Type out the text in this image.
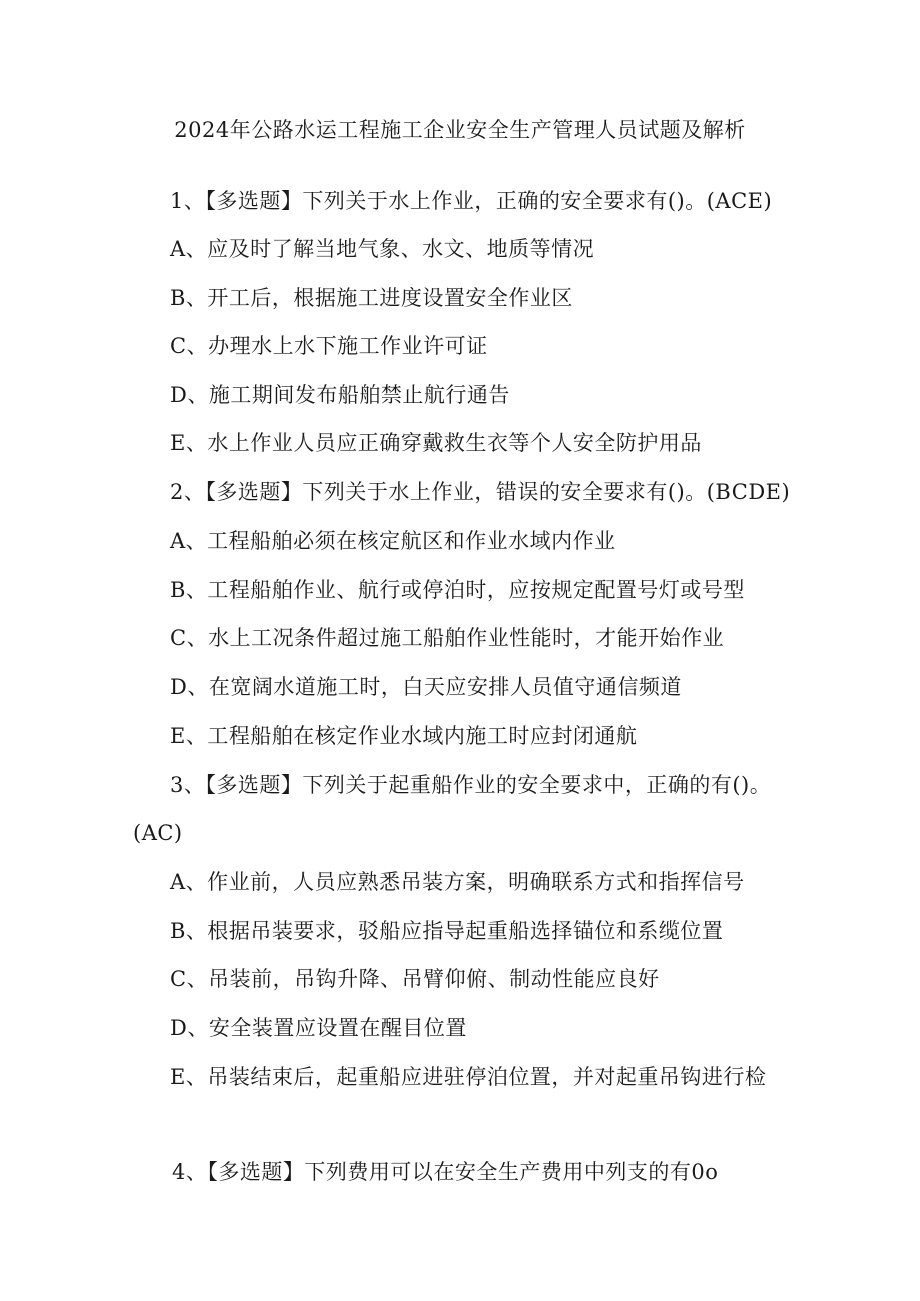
2024年公路水运工程施工企业安全生产管理人员试题及解析
1、【多选题】下列关于水上作业，正确的安全要求有()。(ACE)
A、应及时了解当地气象、水文、地质等情况
B、开工后，根据施工进度设置安全作业区
C、办理水上水下施工作业许可证
D、施工期间发布船舶禁止航行通告
E、水上作业人员应正确穿戴救生衣等个人安全防护用品
2、【多选题】下列关于水上作业，错误的安全要求有()。(BCDE)
A、工程船舶必须在核定航区和作业水域内作业
B、工程船舶作业、航行或停泊时，应按规定配置号灯或号型
C、水上工况条件超过施工船舶作业性能时，才能开始作业
D、在宽阔水道施工时，白天应安排人员值守通信频道
E、工程船舶在核定作业水域内施工时应封闭通航
3、【多选题】下列关于起重船作业的安全要求中，正确的有()。
(AC)
A、作业前，人员应熟悉吊装方案，明确联系方式和指挥信号
B、根据吊装要求，驳船应指导起重船选择锚位和系缆位置
C、吊装前，吊钩升降、吊臂仰俯、制动性能应良好
D、安全装置应设置在醒目位置
E、吊装结束后，起重船应进驻停泊位置，并对起重吊钩进行检
4、【多选题】下列费用可以在安全生产费用中列支的有0o
